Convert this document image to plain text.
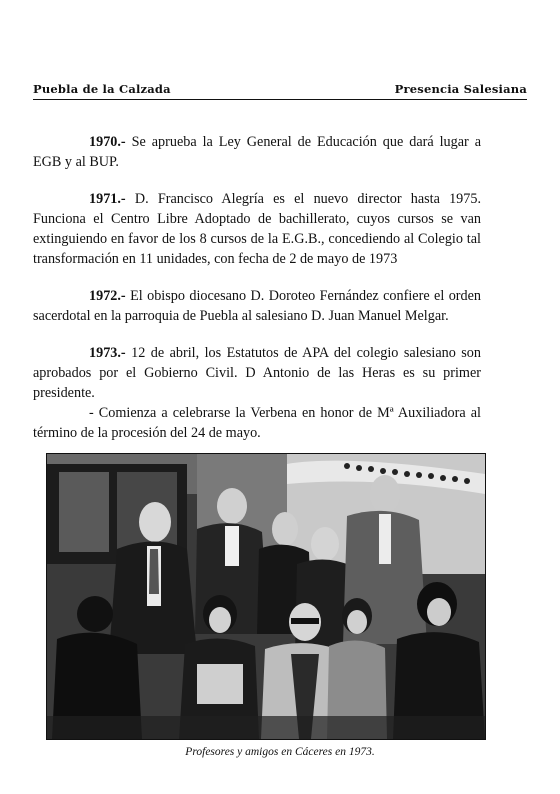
Puebla de la Calzada	Presencia Salesiana

1970.- Se aprueba la Ley General de Educación que dará lugar a EGB y al BUP.

1971.- D. Francisco Alegría es el nuevo director hasta 1975. Funciona el Centro Libre Adoptado de bachillerato, cuyos cursos se van extinguiendo en favor de los 8 cursos de la E.G.B., concediendo al Colegio tal transformación en 11 unidades, con fecha de 2 de mayo de 1973

1972.- El obispo diocesano D. Doroteo Fernández confiere el orden sacerdotal en la parroquia de Puebla al salesiano D. Juan Manuel Melgar.

1973.- 12 de abril, los Estatutos de APA del colegio salesiano son aprobados por el Gobierno Civil. D Antonio de las Heras es su primer presidente.

- Comienza a celebrarse la Verbena en honor de Mª Auxiliadora al término de la procesión del 24 de mayo.

Profesores y amigos en Cáceres en 1973.
